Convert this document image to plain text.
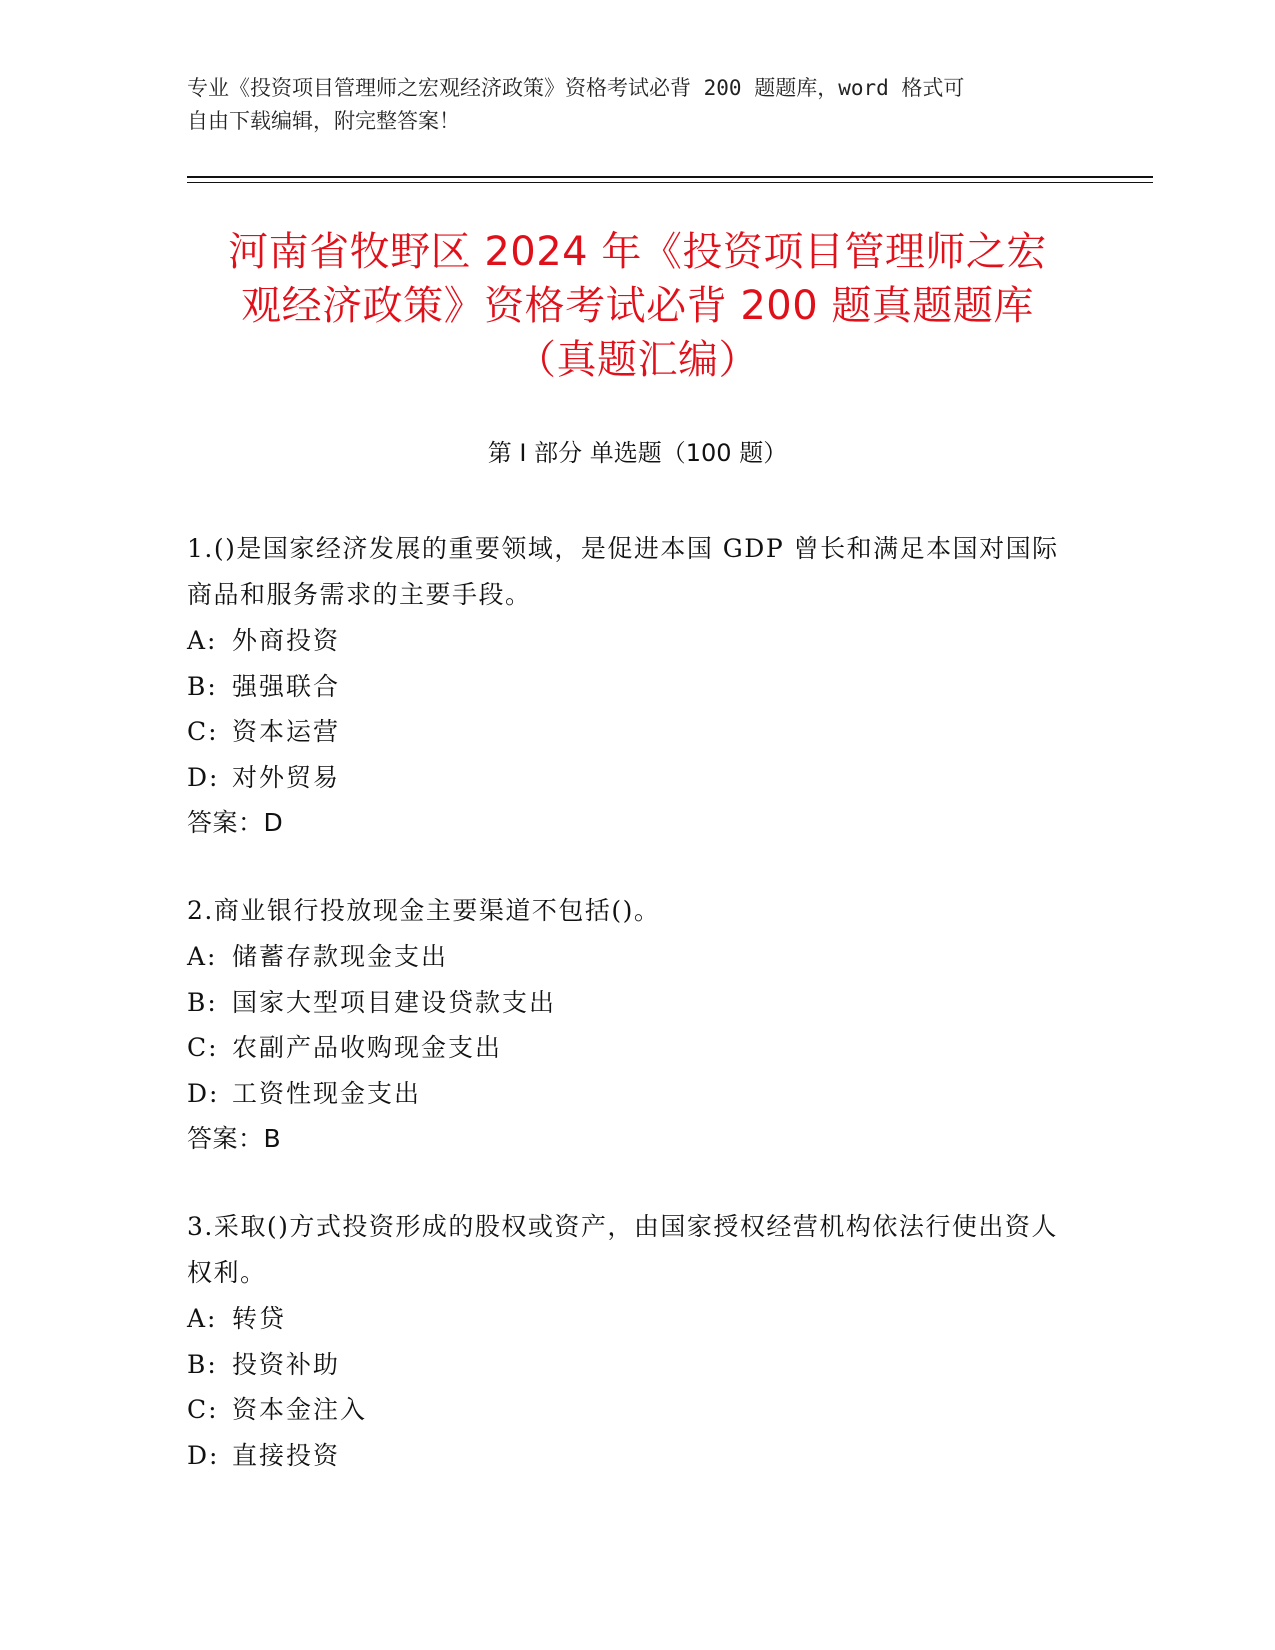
专业《投资项目管理师之宏观经济政策》资格考试必背 200 题题库，word 格式可
自由下载编辑，附完整答案！
河南省牧野区 2024 年《投资项目管理师之宏
观经济政策》资格考试必背 200 题真题题库
（真题汇编）
第 I 部分 单选题（100 题）

1.()是国家经济发展的重要领域，是促进本国 GDP 曾长和满足本国对国际商品和服务需求的主要手段。

A: 外商投资
B: 强强联合
C: 资本运营
D: 对外贸易
答案：D

2.商业银行投放现金主要渠道不包括()。

A: 储蓄存款现金支出
B: 国家大型项目建设贷款支出
C: 农副产品收购现金支出
D: 工资性现金支出
答案：B

3.采取()方式投资形成的股权或资产，由国家授权经营机构依法行使出资人权利。

A: 转贷
B: 投资补助
C: 资本金注入
D: 直接投资
